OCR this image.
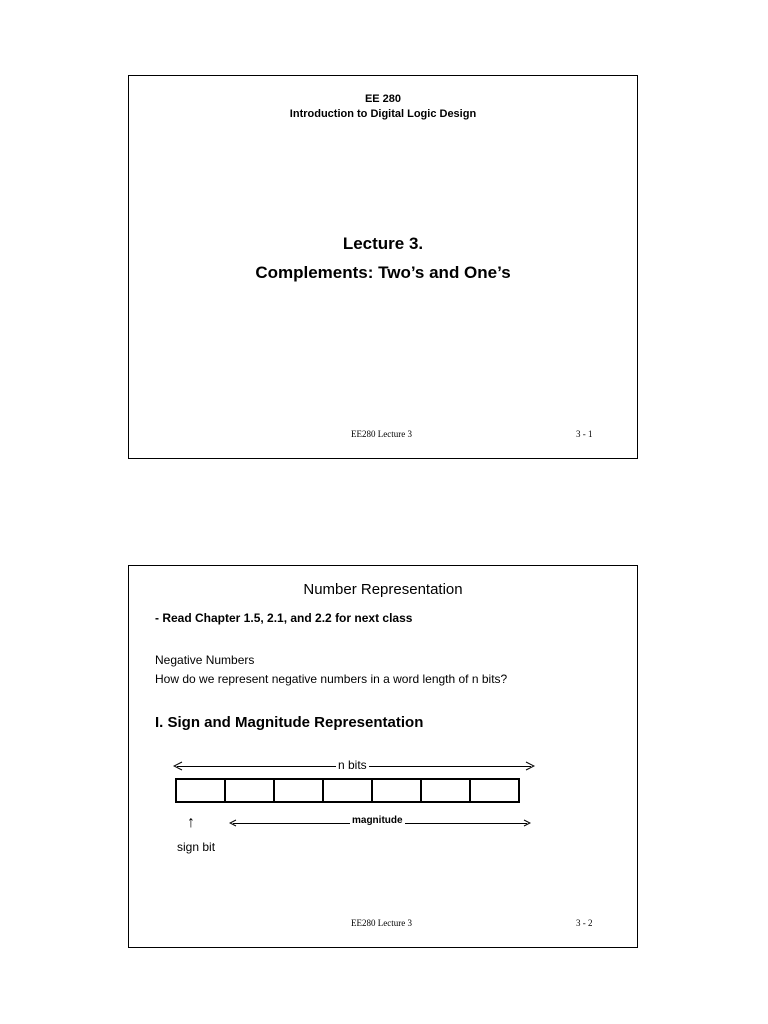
EE 280
Introduction to Digital Logic Design
Lecture 3.
Complements: Two’s and One’s
EE280 Lecture 3	3 - 1
Number Representation
- Read Chapter 1.5, 2.1, and 2.2 for next class
Negative Numbers
How do we represent negative numbers in a word length of n bits?
I. Sign and Magnitude Representation
n bits
↑
sign bit
magnitude
EE280 Lecture 3	3 - 2
